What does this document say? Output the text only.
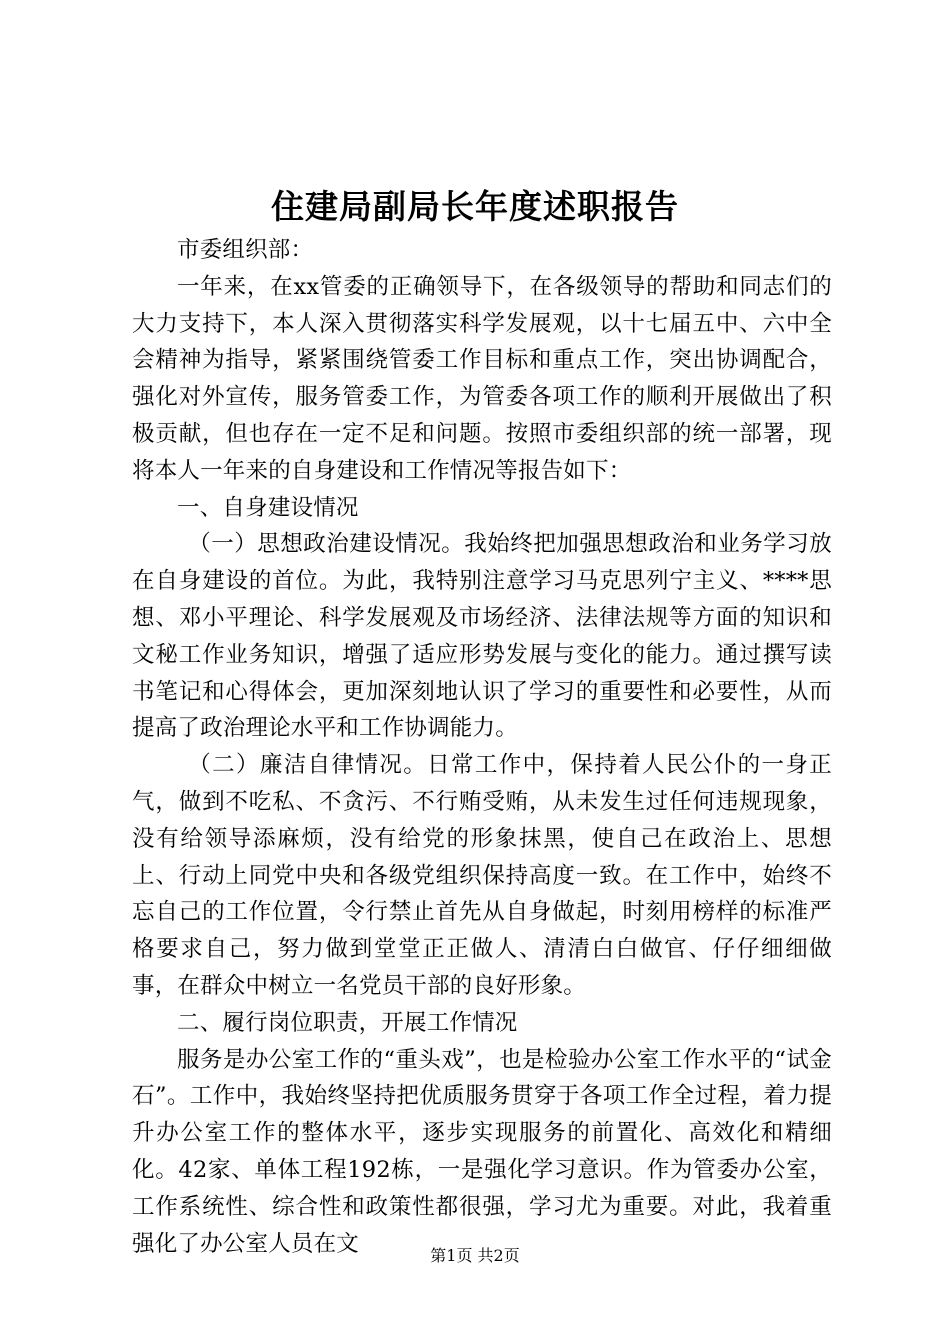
住建局副局长年度述职报告

市委组织部：

一年来，在xx管委的正确领导下，在各级领导的帮助和同志们的大力支持下，本人深入贯彻落实科学发展观，以十七届五中、六中全会精神为指导，紧紧围绕管委工作目标和重点工作，突出协调配合，强化对外宣传，服务管委工作，为管委各项工作的顺利开展做出了积极贡献，但也存在一定不足和问题。按照市委组织部的统一部署，现将本人一年来的自身建设和工作情况等报告如下：

一、自身建设情况

（一）思想政治建设情况。我始终把加强思想政治和业务学习放在自身建设的首位。为此，我特别注意学习马克思列宁主义、****思想、邓小平理论、科学发展观及市场经济、法律法规等方面的知识和文秘工作业务知识，增强了适应形势发展与变化的能力。通过撰写读书笔记和心得体会，更加深刻地认识了学习的重要性和必要性，从而提高了政治理论水平和工作协调能力。

（二）廉洁自律情况。日常工作中，保持着人民公仆的一身正气，做到不吃私、不贪污、不行贿受贿，从未发生过任何违规现象，没有给领导添麻烦，没有给党的形象抹黑，使自己在政治上、思想上、行动上同党中央和各级党组织保持高度一致。在工作中，始终不忘自己的工作位置，令行禁止首先从自身做起，时刻用榜样的标准严格要求自己，努力做到堂堂正正做人、清清白白做官、仔仔细细做事，在群众中树立一名党员干部的良好形象。

二、履行岗位职责，开展工作情况

服务是办公室工作的“重头戏”，也是检验办公室工作水平的“试金石”。工作中，我始终坚持把优质服务贯穿于各项工作全过程，着力提升办公室工作的整体水平，逐步实现服务的前置化、高效化和精细化。42家、单体工程192栋，一是强化学习意识。作为管委办公室，工作系统性、综合性和政策性都很强，学习尤为重要。对此，我着重强化了办公室人员在文	第1页 共2页
